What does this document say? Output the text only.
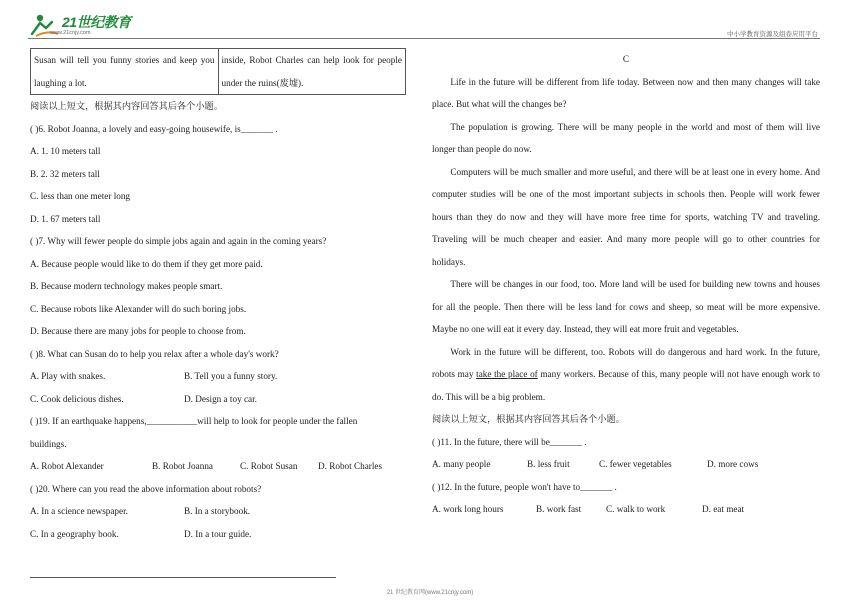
21世纪教育
www.21cnjy.com	中小学教育资源及组卷应用平台
Susan will tell you funny stories and keep you laughing a lot.	inside, Robot Charles can help look for people under the ruins(废墟).

阅读以上短文，根据其内容回答其后各个小题。

( )6. Robot Joanna, a lovely and easy-going housewife, is_______ .

A. 1. 10 meters tall

B. 2. 32 meters tall

C. less than one meter long

D. 1. 67 meters tall

( )7. Why will fewer people do simple jobs again and again in the coming years?

A. Because people would like to do them if they get more paid.

B. Because modern technology makes people smart.

C. Because robots like Alexander will do such boring jobs.

D. Because there are many jobs for people to choose from.

( )8. What can Susan do to help you relax after a whole day's work?

A. Play with snakes.	B. Tell you a funny story.
C. Cook delicious dishes.	D. Design a toy car.

( )19. If an earthquake happens,___________will help to look for people under the fallen

buildings.

A. Robot Alexander	B. Robot Joanna	C. Robot Susan	D. Robot Charles

( )20. Where can you read the above information about robots?

A. In a science newspaper.	B. In a storybook.
C. In a geography book.	D. In a tour guide.

C

Life in the future will be different from life today. Between now and then many changes will take place. But what will the changes be?

The population is growing. There will be many people in the world and most of them will live longer than people do now.

Computers will be much smaller and more useful, and there will be at least one in every home. And computer studies will be one of the most important subjects in schools then. People will work fewer hours than they do now and they will have more free time for sports, watching TV and traveling. Traveling will be much cheaper and easier. And many more people will go to other countries for holidays.

There will be changes in our food, too. More land will be used for building new towns and houses for all the people. Then there will be less land for cows and sheep, so meat will be more expensive. Maybe no one will eat it every day. Instead, they will eat more fruit and vegetables.

Work in the future will be different, too. Robots will do dangerous and hard work. In the future, robots may take the place of many workers. Because of this, many people will not have enough work to do. This will be a big problem.

阅读以上短文，根据其内容回答其后各个小题。

( )11. In the future, there will be_______ .

A. many people	B. less fruit	C. fewer vegetables	D. more cows

( )12. In the future, people won't have to_______ .

A. work long hours	B. work fast	C. walk to work	D. eat meat
21 世纪教育网(www.21cnjy.com)
